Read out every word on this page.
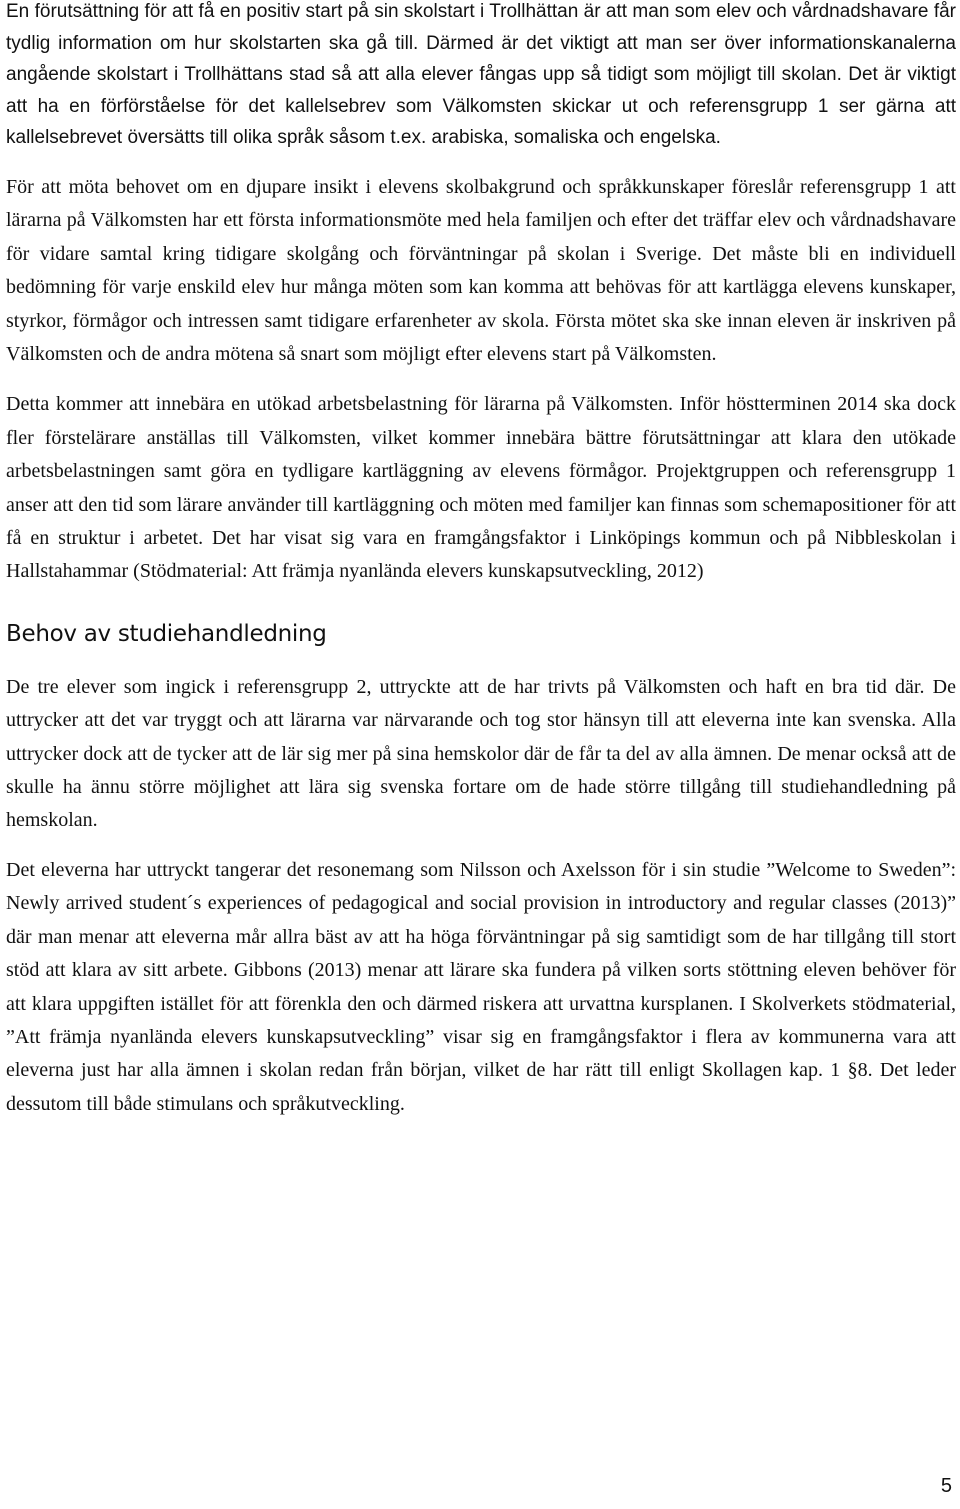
En förutsättning för att få en positiv start på sin skolstart i Trollhättan är att man som elev och vårdnadshavare får tydlig information om hur skolstarten ska gå till. Därmed är det viktigt att man ser över informationskanalerna angående skolstart i Trollhättans stad så att alla elever fångas upp så tidigt som möjligt till skolan. Det är viktigt att ha en förförståelse för det kallelsebrev som Välkomsten skickar ut och referensgrupp 1 ser gärna att kallelsebrevet översätts till olika språk såsom t.ex. arabiska, somaliska och engelska.

För att möta behovet om en djupare insikt i elevens skolbakgrund och språkkunskaper föreslår referensgrupp 1 att lärarna på Välkomsten har ett första informationsmöte med hela familjen och efter det träffar elev och vårdnadshavare för vidare samtal kring tidigare skolgång och förväntningar på skolan i Sverige. Det måste bli en individuell bedömning för varje enskild elev hur många möten som kan komma att behövas för att kartlägga elevens kunskaper, styrkor, förmågor och intressen samt tidigare erfarenheter av skola. Första mötet ska ske innan eleven är inskriven på Välkomsten och de andra mötena så snart som möjligt efter elevens start på Välkomsten.

Detta kommer att innebära en utökad arbetsbelastning för lärarna på Välkomsten. Inför höstterminen 2014 ska dock fler förstelärare anställas till Välkomsten, vilket kommer innebära bättre förutsättningar att klara den utökade arbetsbelastningen samt göra en tydligare kartläggning av elevens förmågor. Projektgruppen och referensgrupp 1 anser att den tid som lärare använder till kartläggning och möten med familjer kan finnas som schemapositioner för att få en struktur i arbetet. Det har visat sig vara en framgångsfaktor i Linköpings kommun och på Nibbleskolan i Hallstahammar (Stödmaterial: Att främja nyanlända elevers kunskapsutveckling, 2012)

Behov av studiehandledning

De tre elever som ingick i referensgrupp 2, uttryckte att de har trivts på Välkomsten och haft en bra tid där. De uttrycker att det var tryggt och att lärarna var närvarande och tog stor hänsyn till att eleverna inte kan svenska. Alla uttrycker dock att de tycker att de lär sig mer på sina hemskolor där de får ta del av alla ämnen. De menar också att de skulle ha ännu större möjlighet att lära sig svenska fortare om de hade större tillgång till studiehandledning på hemskolan.

Det eleverna har uttryckt tangerar det resonemang som Nilsson och Axelsson för i sin studie ”Welcome to Sweden”: Newly arrived student´s experiences of pedagogical and social provision in introductory and regular classes (2013)” där man menar att eleverna mår allra bäst av att ha höga förväntningar på sig samtidigt som de har tillgång till stort stöd att klara av sitt arbete. Gibbons (2013) menar att lärare ska fundera på vilken sorts stöttning eleven behöver för att klara uppgiften istället för att förenkla den och därmed riskera att urvattna kursplanen. I Skolverkets stödmaterial, ”Att främja nyanlända elevers kunskapsutveckling” visar sig en framgångsfaktor i flera av kommunerna vara att eleverna just har alla ämnen i skolan redan från början, vilket de har rätt till enligt Skollagen kap. 1 §8. Det leder dessutom till både stimulans och språkutveckling.

5
